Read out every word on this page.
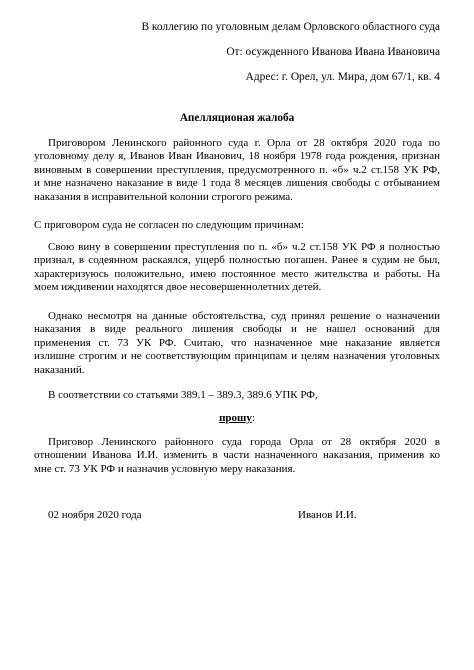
В коллегию по уголовным делам Орловского областного суда
От: осужденного Иванова Ивана Ивановича
Адрес: г. Орел, ул. Мира, дом 67/1, кв. 4
Апелляционая жалоба
Приговором Ленинского районного суда г. Орла от 28 октября 2020 года по
уголовному делу я, Иванов Иван Иванович, 18 ноября 1978 года рождения, признан
виновным в совершении преступления, предусмотренного п. «б» ч.2 ст.158 УК РФ,
и мне назначено наказание в виде 1 года 8 месяцев лишения свободы с отбыванием
наказания в исправительной колонии строгого режима.
С приговором суда не согласен по следующим причинам:
Свою вину в совершении преступления по п. «б» ч.2 ст.158 УК РФ я полностью
признал, в содеянном раскаялся, ущерб полностью погашен. Ранее я судим не был,
характеризуюсь положительно, имею постоянное место жительства и работы. На
моем иждивении находятся двое несовершеннолетних детей.
Однако несмотря на данные обстоятельства, суд принял решение о назначении
наказания в виде реального лишения свободы и не нашел оснований для
применения ст. 73 УК РФ. Считаю, что назначенное мне наказание является
излишне строгим и не соответствующим принципам и целям назначения уголовных
наказаний.
В соответствии со статьями 389.1 – 389.3, 389.6 УПК РФ,
прошу:
Приговор Ленинского районного суда города Орла от 28 октября 2020 в
отношении Иванова И.И. изменить в части назначенного наказания, применив ко
мне ст. 73 УК РФ и назначив условную меру наказания.
02 ноября 2020 года	Иванов И.И.
